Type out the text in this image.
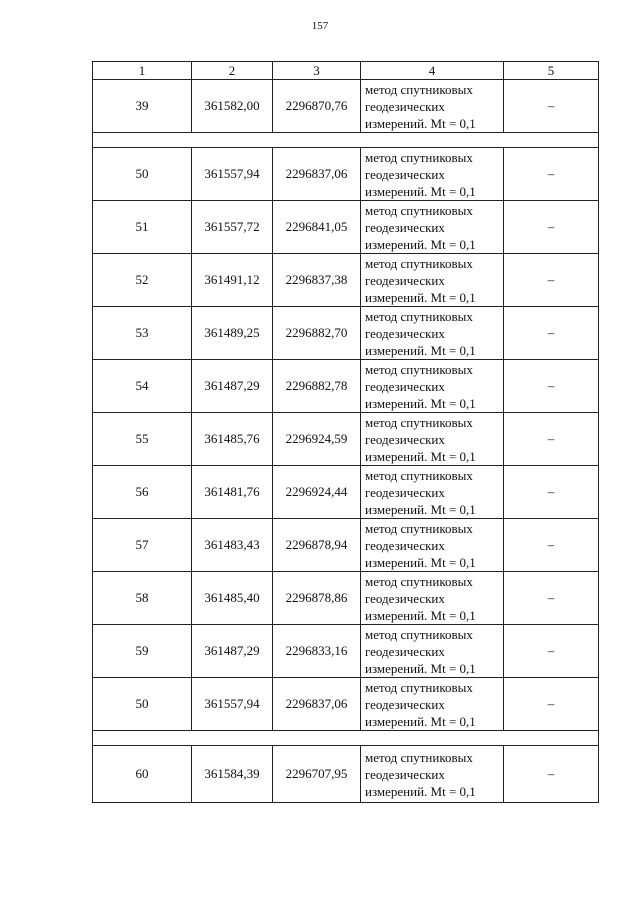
157
1	2	3	4	5
39	361582,00	2296870,76	метод спутниковых
геодезических
измерений. Mt = 0,1	–

50	361557,94	2296837,06	метод спутниковых
геодезических
измерений. Mt = 0,1	–
51	361557,72	2296841,05	метод спутниковых
геодезических
измерений. Mt = 0,1	–
52	361491,12	2296837,38	метод спутниковых
геодезических
измерений. Mt = 0,1	–
53	361489,25	2296882,70	метод спутниковых
геодезических
измерений. Mt = 0,1	–
54	361487,29	2296882,78	метод спутниковых
геодезических
измерений. Mt = 0,1	–
55	361485,76	2296924,59	метод спутниковых
геодезических
измерений. Mt = 0,1	–
56	361481,76	2296924,44	метод спутниковых
геодезических
измерений. Mt = 0,1	–
57	361483,43	2296878,94	метод спутниковых
геодезических
измерений. Mt = 0,1	–
58	361485,40	2296878,86	метод спутниковых
геодезических
измерений. Mt = 0,1	–
59	361487,29	2296833,16	метод спутниковых
геодезических
измерений. Mt = 0,1	–
50	361557,94	2296837,06	метод спутниковых
геодезических
измерений. Mt = 0,1	–

60	361584,39	2296707,95	метод спутниковых
геодезических
измерений. Mt = 0,1	–
